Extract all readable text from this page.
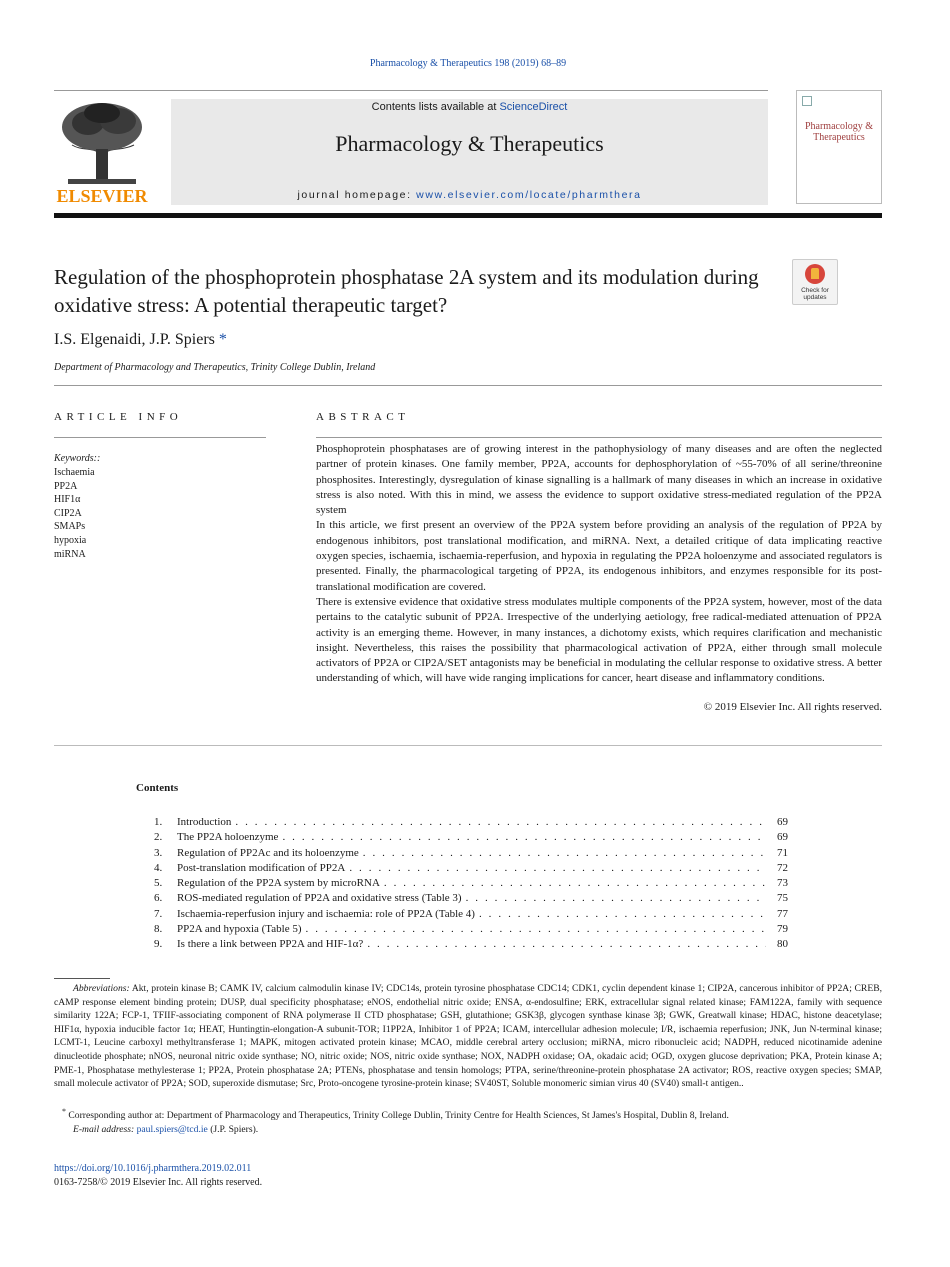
Pharmacology & Therapeutics 198 (2019) 68–89
ELSEVIER
Contents lists available at ScienceDirect
Pharmacology & Therapeutics
journal homepage: www.elsevier.com/locate/pharmthera
Pharmacology & Therapeutics
Regulation of the phosphoprotein phosphatase 2A system and its modulation during oxidative stress: A potential therapeutic target?
Check for updates
I.S. Elgenaidi, J.P. Spiers *
Department of Pharmacology and Therapeutics, Trinity College Dublin, Ireland
ARTICLE INFO
Keywords::
Ischaemia
PP2A
HIF1α
CIP2A
SMAPs
hypoxia
miRNA
ABSTRACT

Phosphoprotein phosphatases are of growing interest in the pathophysiology of many diseases and are often the neglected partner of protein kinases. One family member, PP2A, accounts for dephosphorylation of ~55-70% of all serine/threonine phosphosites. Interestingly, dysregulation of kinase signalling is a hallmark of many diseases in which an increase in oxidative stress is also noted. With this in mind, we assess the evidence to support oxidative stress-mediated regulation of the PP2A system

In this article, we first present an overview of the PP2A system before providing an analysis of the regulation of PP2A by endogenous inhibitors, post translational modification, and miRNA. Next, a detailed critique of data implicating reactive oxygen species, ischaemia, ischaemia-reperfusion, and hypoxia in regulating the PP2A holoenzyme and associated regulators is presented. Finally, the pharmacological targeting of PP2A, its endogenous inhibitors, and enzymes responsible for its post-translational modification are covered.

There is extensive evidence that oxidative stress modulates multiple components of the PP2A system, however, most of the data pertains to the catalytic subunit of PP2A. Irrespective of the underlying aetiology, free radical-mediated attenuation of PP2A activity is an emerging theme. However, in many instances, a dichotomy exists, which requires clarification and mechanistic insight. Nevertheless, this raises the possibility that pharmacological activation of PP2A, either through small molecule activators of PP2A or CIP2A/SET antagonists may be beneficial in modulating the cellular response to oxidative stress. A better understanding of which, will have wide ranging implications for cancer, heart disease and inflammatory conditions.

© 2019 Elsevier Inc. All rights reserved.
Contents
1.	Introduction . . .	69
2.	The PP2A holoenzyme . . .	69
3.	Regulation of PP2Ac and its holoenzyme . . .	71
4.	Post-translation modification of PP2A . . .	72
5.	Regulation of the PP2A system by microRNA . . .	73
6.	ROS-mediated regulation of PP2A and oxidative stress (Table 3) . . .	75
7.	Ischaemia-reperfusion injury and ischaemia: role of PP2A (Table 4) . . .	77
8.	PP2A and hypoxia (Table 5) . . .	79
9.	Is there a link between PP2A and HIF-1α? . . .	80
Abbreviations: Akt, protein kinase B; CAMK IV, calcium calmodulin kinase IV; CDC14s, protein tyrosine phosphatase CDC14; CDK1, cyclin dependent kinase 1; CIP2A, cancerous inhibitor of PP2A; CREB, cAMP response element binding protein; DUSP, dual specificity phosphatase; eNOS, endothelial nitric oxide; ENSA, α-endosulfine; ERK, extracellular signal related kinase; FAM122A, family with sequence similarity 122A; FCP-1, TFIIF-associating component of RNA polymerase II CTD phosphatase; GSH, glutathione; GSK3β, glycogen synthase kinase 3β; GWK, Greatwall kinase; HDAC, histone deacetylase; HIF1α, hypoxia inducible factor 1α; HEAT, Huntingtin-elongation-A subunit-TOR; I1PP2A, Inhibitor 1 of PP2A; ICAM, intercellular adhesion molecule; I/R, ischaemia reperfusion; JNK, Jun N-terminal kinase; LCMT-1, Leucine carboxyl methyltransferase 1; MAPK, mitogen activated protein kinase; MCAO, middle cerebral artery occlusion; miRNA, micro ribonucleic acid; NADPH, reduced nicotinamide adenine dinucleotide phosphate; nNOS, neuronal nitric oxide synthase; NO, nitric oxide; NOS, nitric oxide synthase; NOX, NADPH oxidase; OA, okadaic acid; OGD, oxygen glucose deprivation; PKA, Protein kinase A; PME-1, Phosphatase methylesterase 1; PP2A, Protein phosphatase 2A; PTENs, phosphatase and tensin homologs; PTPA, serine/threonine-protein phosphatase 2A activator; ROS, reactive oxygen species; SMAP, small molecule activator of PP2A; SOD, superoxide dismutase; Src, Proto-oncogene tyrosine-protein kinase; SV40ST, Soluble monomeric simian virus 40 (SV40) small-t antigen..
* Corresponding author at: Department of Pharmacology and Therapeutics, Trinity College Dublin, Trinity Centre for Health Sciences, St James's Hospital, Dublin 8, Ireland.
E-mail address: paul.spiers@tcd.ie (J.P. Spiers).
https://doi.org/10.1016/j.pharmthera.2019.02.011
0163-7258/© 2019 Elsevier Inc. All rights reserved.
